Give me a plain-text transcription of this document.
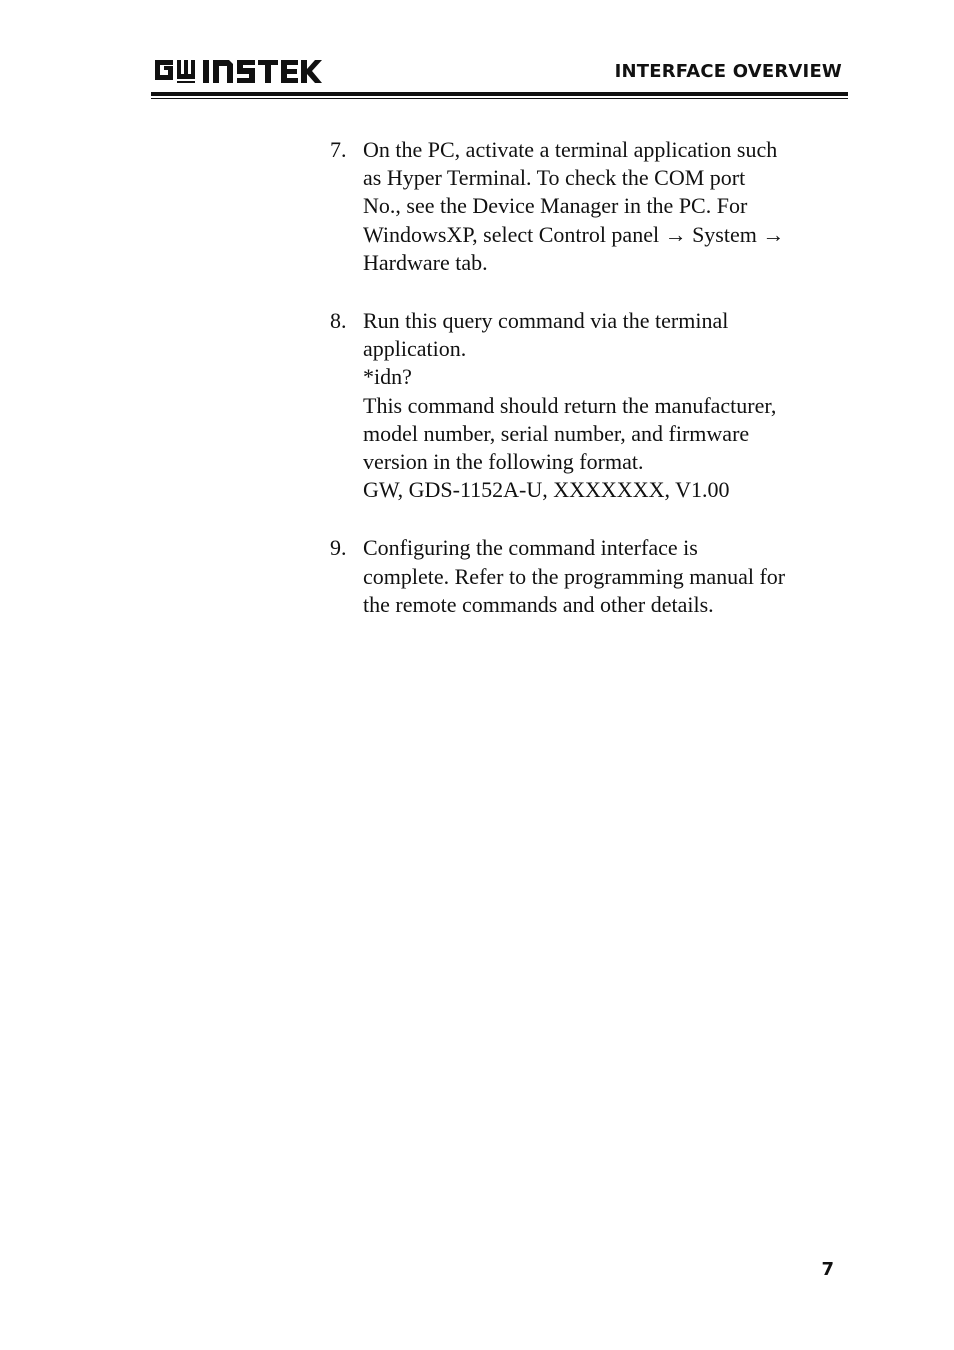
INTERFACE OVERVIEW
7. On the PC, activate a terminal application such
as Hyper Terminal. To check the COM port
No., see the Device Manager in the PC. For
WindowsXP, select Control panel → System →
Hardware tab.
8. Run this query command via the terminal
application.
*idn?
This command should return the manufacturer,
model number, serial number, and firmware
version in the following format.
GW, GDS-1152A-U, XXXXXXX, V1.00
9. Configuring the command interface is
complete. Refer to the programming manual for
the remote commands and other details.
7
